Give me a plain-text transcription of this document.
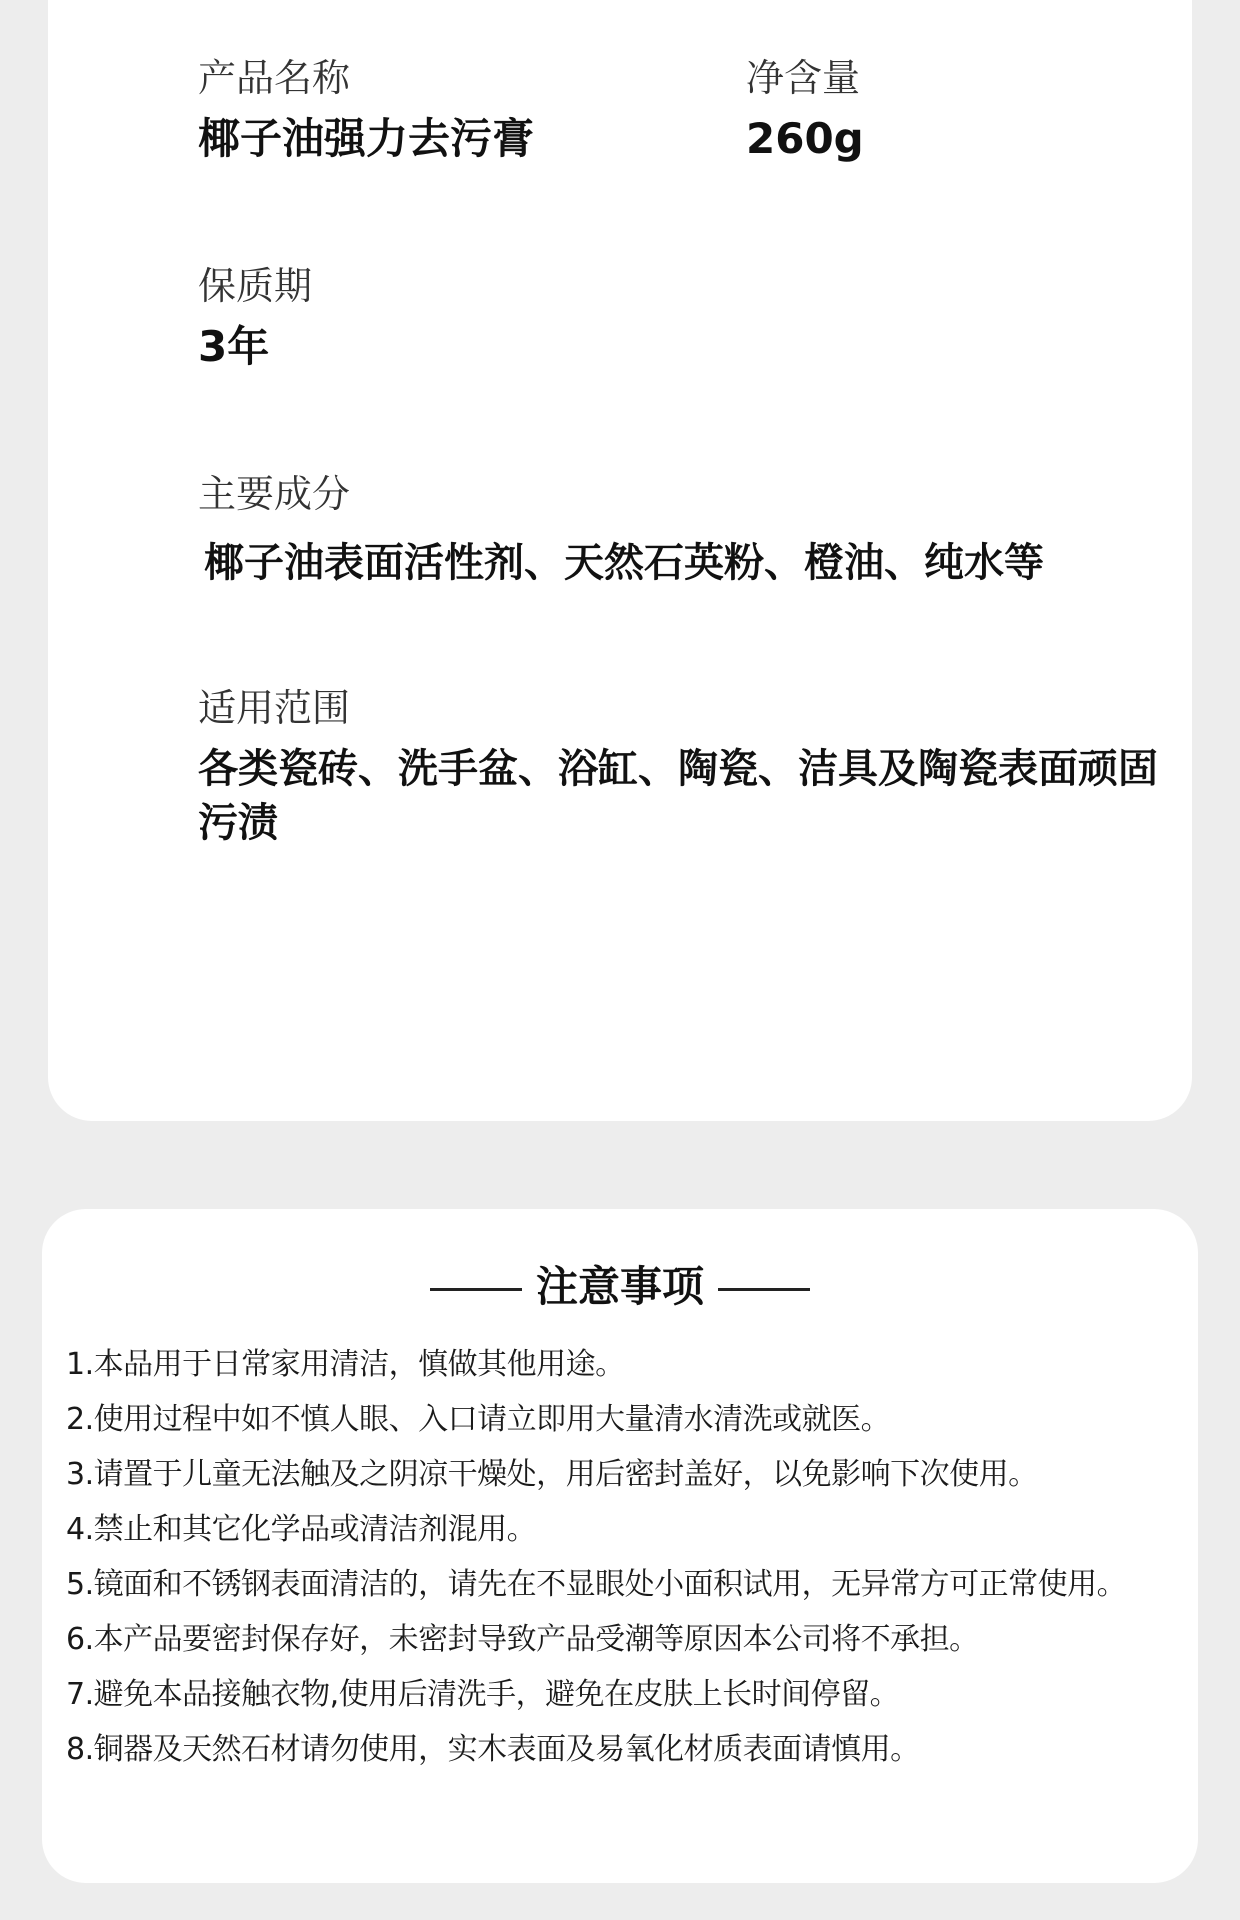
产品名称
椰子油强力去污膏
净含量
260g
保质期
3年
主要成分
椰子油表面活性剂、天然石英粉、橙油、纯水等
适用范围
各类瓷砖、洗手盆、浴缸、陶瓷、洁具及陶瓷表面顽固污渍
注意事项
1.本品用于日常家用清洁，慎做其他用途。
2.使用过程中如不慎人眼、入口请立即用大量清水清洗或就医。
3.请置于儿童无法触及之阴凉干燥处，用后密封盖好，以免影响下次使用。
4.禁止和其它化学品或清洁剂混用。
5.镜面和不锈钢表面清洁的，请先在不显眼处小面积试用，无异常方可正常使用。
6.本产品要密封保存好，未密封导致产品受潮等原因本公司将不承担。
7.避免本品接触衣物,使用后清洗手，避免在皮肤上长时间停留。
8.铜器及天然石材请勿使用，实木表面及易氧化材质表面请慎用。
